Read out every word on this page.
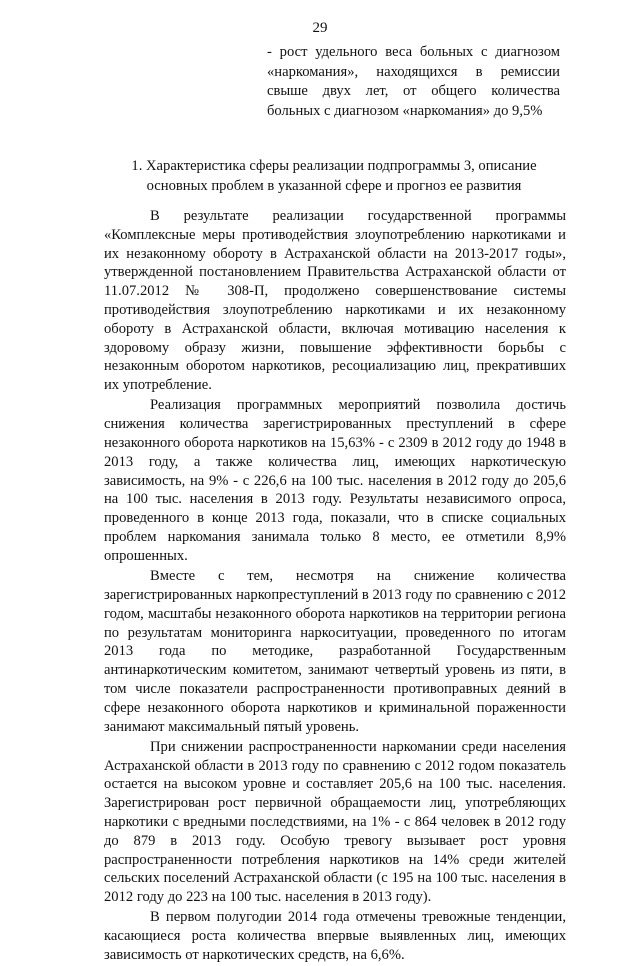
29
- рост удельного веса больных с диагнозом «наркомания», находящихся в ремиссии свыше двух лет, от общего количества больных с диагнозом «наркомания» до 9,5%
1. Характеристика сферы реализации подпрограммы 3, описание основных проблем в указанной сфере и прогноз ее развития

В результате реализации государственной программы «Комплексные меры противодействия злоупотреблению наркотиками и их незаконному обороту в Астраханской области на 2013-2017 годы», утвержденной постановлением Правительства Астраханской области от 11.07.2012 № 308-П, продолжено совершенствование системы противодействия злоупотреблению наркотиками и их незаконному обороту в Астраханской области, включая мотивацию населения к здоровому образу жизни, повышение эффективности борьбы с незаконным оборотом наркотиков, ресоциализацию лиц, прекративших их употребление.

Реализация программных мероприятий позволила достичь снижения количества зарегистрированных преступлений в сфере незаконного оборота наркотиков на 15,63% - с 2309 в 2012 году до 1948 в 2013 году, а также количества лиц, имеющих наркотическую зависимость, на 9% - с 226,6 на 100 тыс. населения в 2012 году до 205,6 на 100 тыс. населения в 2013 году. Результаты независимого опроса, проведенного в конце 2013 года, показали, что в списке социальных проблем наркомания занимала только 8 место, ее отметили 8,9% опрошенных.

Вместе с тем, несмотря на снижение количества зарегистрированных наркопреступлений в 2013 году по сравнению с 2012 годом, масштабы незаконного оборота наркотиков на территории региона по результатам мониторинга наркоситуации, проведенного по итогам 2013 года по методике, разработанной Государственным антинаркотическим комитетом, занимают четвертый уровень из пяти, в том числе показатели распространенности противоправных деяний в сфере незаконного оборота наркотиков и криминальной пораженности занимают максимальный пятый уровень.

При снижении распространенности наркомании среди населения Астраханской области в 2013 году по сравнению с 2012 годом показатель остается на высоком уровне и составляет 205,6 на 100 тыс. населения. Зарегистрирован рост первичной обращаемости лиц, употребляющих наркотики с вредными последствиями, на 1% - с 864 человек в 2012 году до 879 в 2013 году. Особую тревогу вызывает рост уровня распространенности потребления наркотиков на 14% среди жителей сельских поселений Астраханской области (с 195 на 100 тыс. населения в 2012 году до 223 на 100 тыс. населения в 2013 году).

В первом полугодии 2014 года отмечены тревожные тенденции, касающиеся роста количества впервые выявленных лиц, имеющих зависимость от наркотических средств, на 6,6%.
